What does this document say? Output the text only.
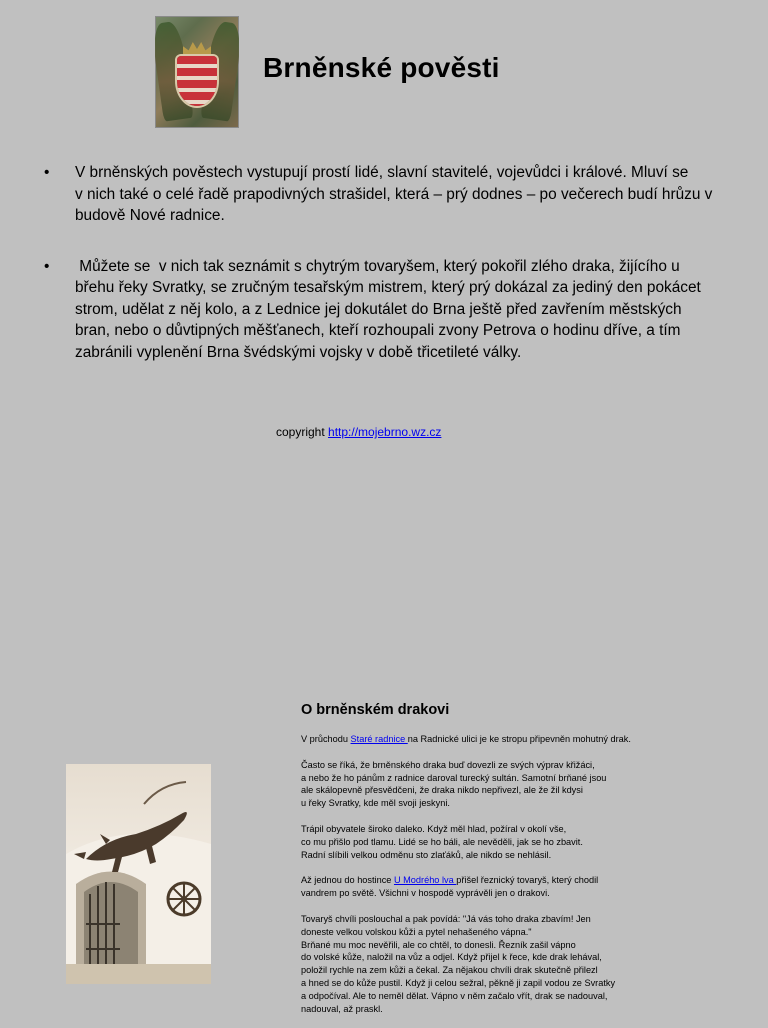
Brněnské pověsti
• V brněnských pověstech vystupují prostí lidé, slavní stavitelé, vojevůdci i králové. Mluví se
v nich také o celé řadě prapodivných strašidel, která – prý dodnes – po večerech budí hrůzu v
budově Nové radnice.
• Můžete se  v nich tak seznámit s chytrým tovaryšem, který pokořil zlého draka, žijícího u
břehu řeky Svratky, se zručným tesařským mistrem, který prý dokázal za jediný den pokácet
strom, udělat z něj kolo, a z Lednice jej dokutálet do Brna ještě před zavřením městských
bran, nebo o důvtipných měšťanech, kteří rozhoupali zvony Petrova o hodinu dříve, a tím
zabránili vyplenění Brna švédskými vojsky v době třicetileté války.
copyright http://mojebrno.wz.cz
O brněnském drakovi

V průchodu Staré radnice na Radnické ulici je ke stropu připevněn mohutný drak.

Často se říká, že brněnského draka buď dovezli ze svých výprav křižáci,
a nebo že ho pánům z radnice daroval turecký sultán. Samotní brňané jsou
ale skálopevně přesvědčeni, že draka nikdo nepřivezl, ale že žil kdysi
u řeky Svratky, kde měl svoji jeskyni.

Trápil obyvatele široko daleko. Když měl hlad, požíral v okolí vše,
co mu přišlo pod tlamu. Lidé se ho báli, ale nevěděli, jak se ho zbavit.
Radní slíbili velkou odměnu sto zlaťáků, ale nikdo se nehlásil.

Až jednou do hostince U Modrého lva přišel řeznický tovaryš, který chodil
vandrem po světě. Všichni v hospodě vyprávěli jen o drakovi.

Tovaryš chvíli poslouchal a pak povídá: "Já vás toho draka zbavím! Jen
doneste velkou volskou kůži a pytel nehašeného vápna."
Brňané mu moc nevěřili, ale co chtěl, to donesli. Řezník zašil vápno
do volské kůže, naložil na vůz a odjel. Když přijel k řece, kde drak lehával,
položil rychle na zem kůži a čekal. Za nějakou chvíli drak skutečně přilezl
a hned se do kůže pustil. Když ji celou sežral, pěkně ji zapil vodou ze Svratky
a odpočíval. Ale to neměl dělat. Vápno v něm začalo vřít, drak se nadouval,
nadouval, až praskl.
